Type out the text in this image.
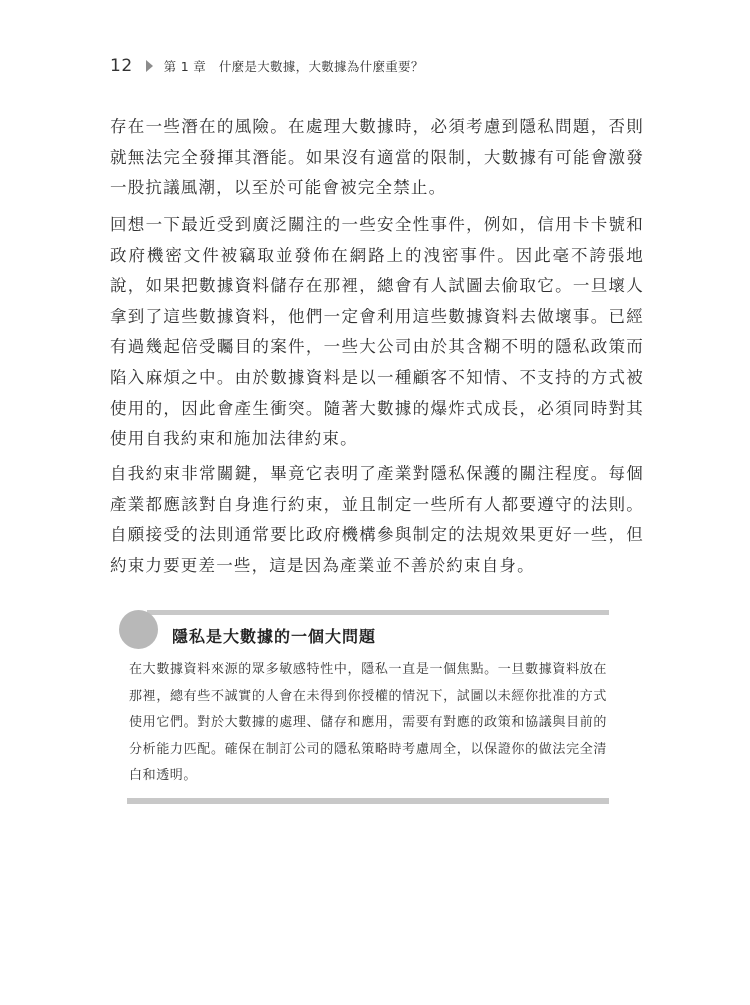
12 第 1 章　什麼是大數據，大數據為什麼重要？

存在一些潛在的風險。在處理大數據時，必須考慮到隱私問題，否則就無法完全發揮其潛能。如果沒有適當的限制，大數據有可能會激發一股抗議風潮，以至於可能會被完全禁止。

回想一下最近受到廣泛關注的一些安全性事件，例如，信用卡卡號和政府機密文件被竊取並發佈在網路上的洩密事件。因此毫不誇張地說，如果把數據資料儲存在那裡，總會有人試圖去偷取它。一旦壞人拿到了這些數據資料，他們一定會利用這些數據資料去做壞事。已經有過幾起倍受矚目的案件，一些大公司由於其含糊不明的隱私政策而陷入麻煩之中。由於數據資料是以一種顧客不知情、不支持的方式被使用的，因此會產生衝突。隨著大數據的爆炸式成長，必須同時對其使用自我約束和施加法律約束。

自我約束非常關鍵，畢竟它表明了產業對隱私保護的關注程度。每個產業都應該對自身進行約束，並且制定一些所有人都要遵守的法則。自願接受的法則通常要比政府機構參與制定的法規效果更好一些，但約束力要更差一些，這是因為產業並不善於約束自身。

隱私是大數據的一個大問題

在大數據資料來源的眾多敏感特性中，隱私一直是一個焦點。一旦數據資料放在那裡，總有些不誠實的人會在未得到你授權的情況下，試圖以未經你批准的方式使用它們。對於大數據的處理、儲存和應用，需要有對應的政策和協議與目前的分析能力匹配。確保在制訂公司的隱私策略時考慮周全，以保證你的做法完全清白和透明。
